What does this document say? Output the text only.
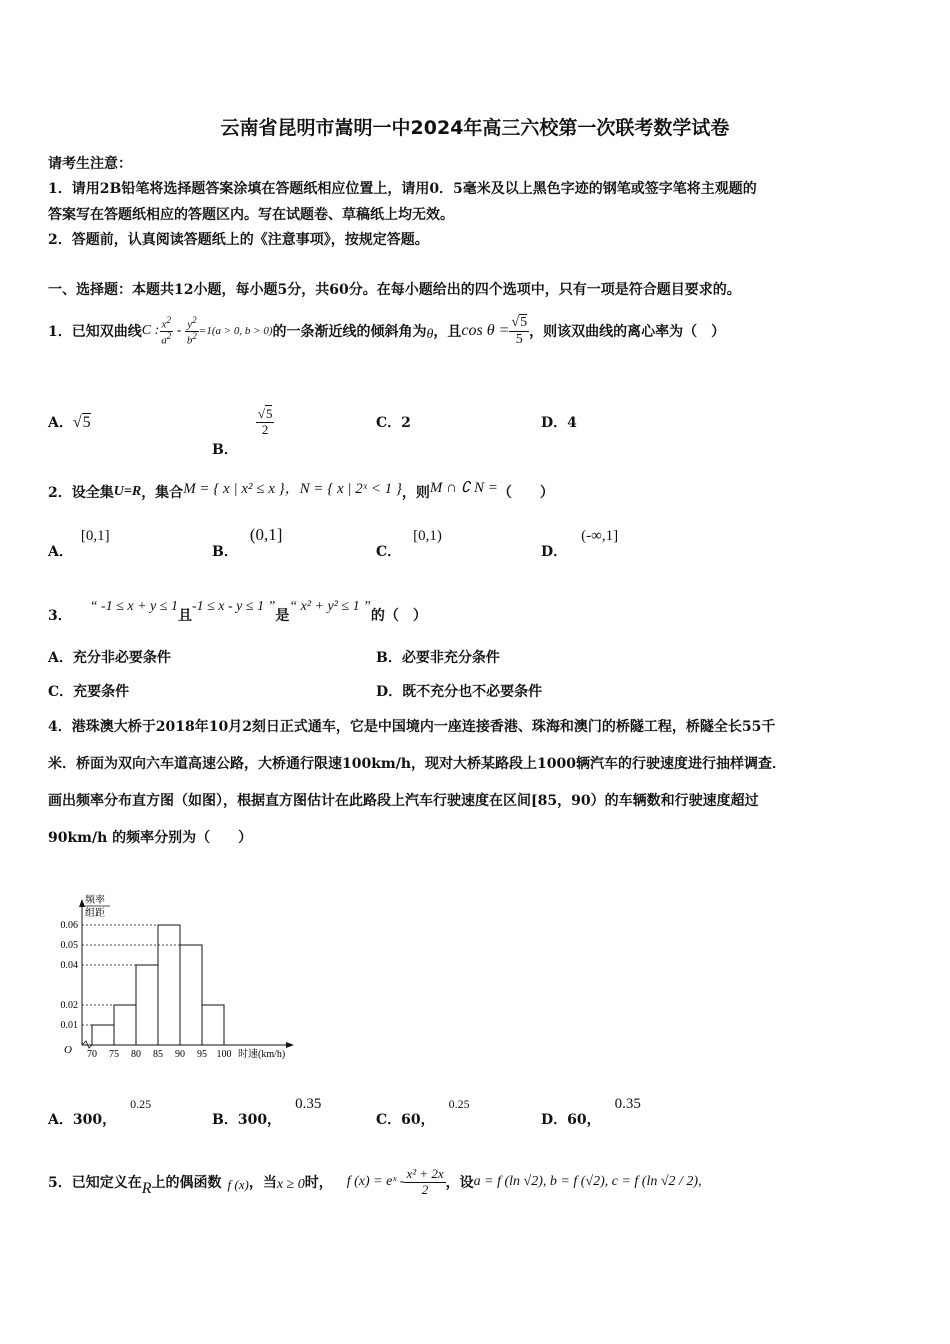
云南省昆明市嵩明一中2024年高三六校第一次联考数学试卷
请考生注意：
1．请用2B铅笔将选择题答案涂填在答题纸相应位置上，请用0．5毫米及以上黑色字迹的钢笔或签字笔将主观题的
答案写在答题纸相应的答题区内。写在试题卷、草稿纸上均无效。
2．答题前，认真阅读答题纸上的《注意事项》，按规定答题。
一、选择题：本题共12小题，每小题5分，共60分。在每小题给出的四个选项中，只有一项是符合题目要求的。
1．已知双曲线 C : $\frac{x^2}{a^2} - \frac{y^2}{b^2} =1(a > 0$, b > 0) 的一条渐近线的倾斜角为 θ ，且 $\cos \theta = \frac{√5}{5}$ ，则该双曲线的离心率为（　）
A．√5
B．
$\frac{√5}{2}$	C．2	D．4
2．设全集 U=R ，集合 M = { x | x² ≤ x }，N = { x | 2ˣ < 1 } ，则 M ∩ ∁ N = （　　）
A．[0,1]
B．(0,1]
C．[0,1)
D．(-∞,1]
3．
“ -1 ≤ x + y ≤ 1
且
-1 ≤ x - y ≤ 1 ”
是
“ x² + y² ≤ 1 ”
的（　）
A．充分非必要条件	B．必要非充分条件
C．充要条件	D．既不充分也不必要条件
4．港珠澳大桥于2018年10月2刻日正式通车，它是中国境内一座连接香港、珠海和澳门的桥隧工程，桥隧全长55千
米．桥面为双向六车道高速公路，大桥通行限速100km/h，现对大桥某路段上1000辆汽车的行驶速度进行抽样调查．
画出频率分布直方图（如图），根据直方图估计在此路段上汽车行驶速度在区间[85，90）的车辆数和行驶速度超过
90km/h 的频率分别为（　　）
频率
组距
O	时速(km/h)
0.01
0.02
0.04
0.05
0.06
70 75 80 85 90 95 100
A．300，0.25
B．300，0.35
C．60，0.25
D．60，0.35
5．已知定义在 R 上的偶函数 f (x) ，当 x ≥ 0 时， f (x) = eˣ - $\frac{\text{x² + 2x}}{2}$ ，设 a = f (ln √2), b = f (√2), c = f (ln √2 / 2),
